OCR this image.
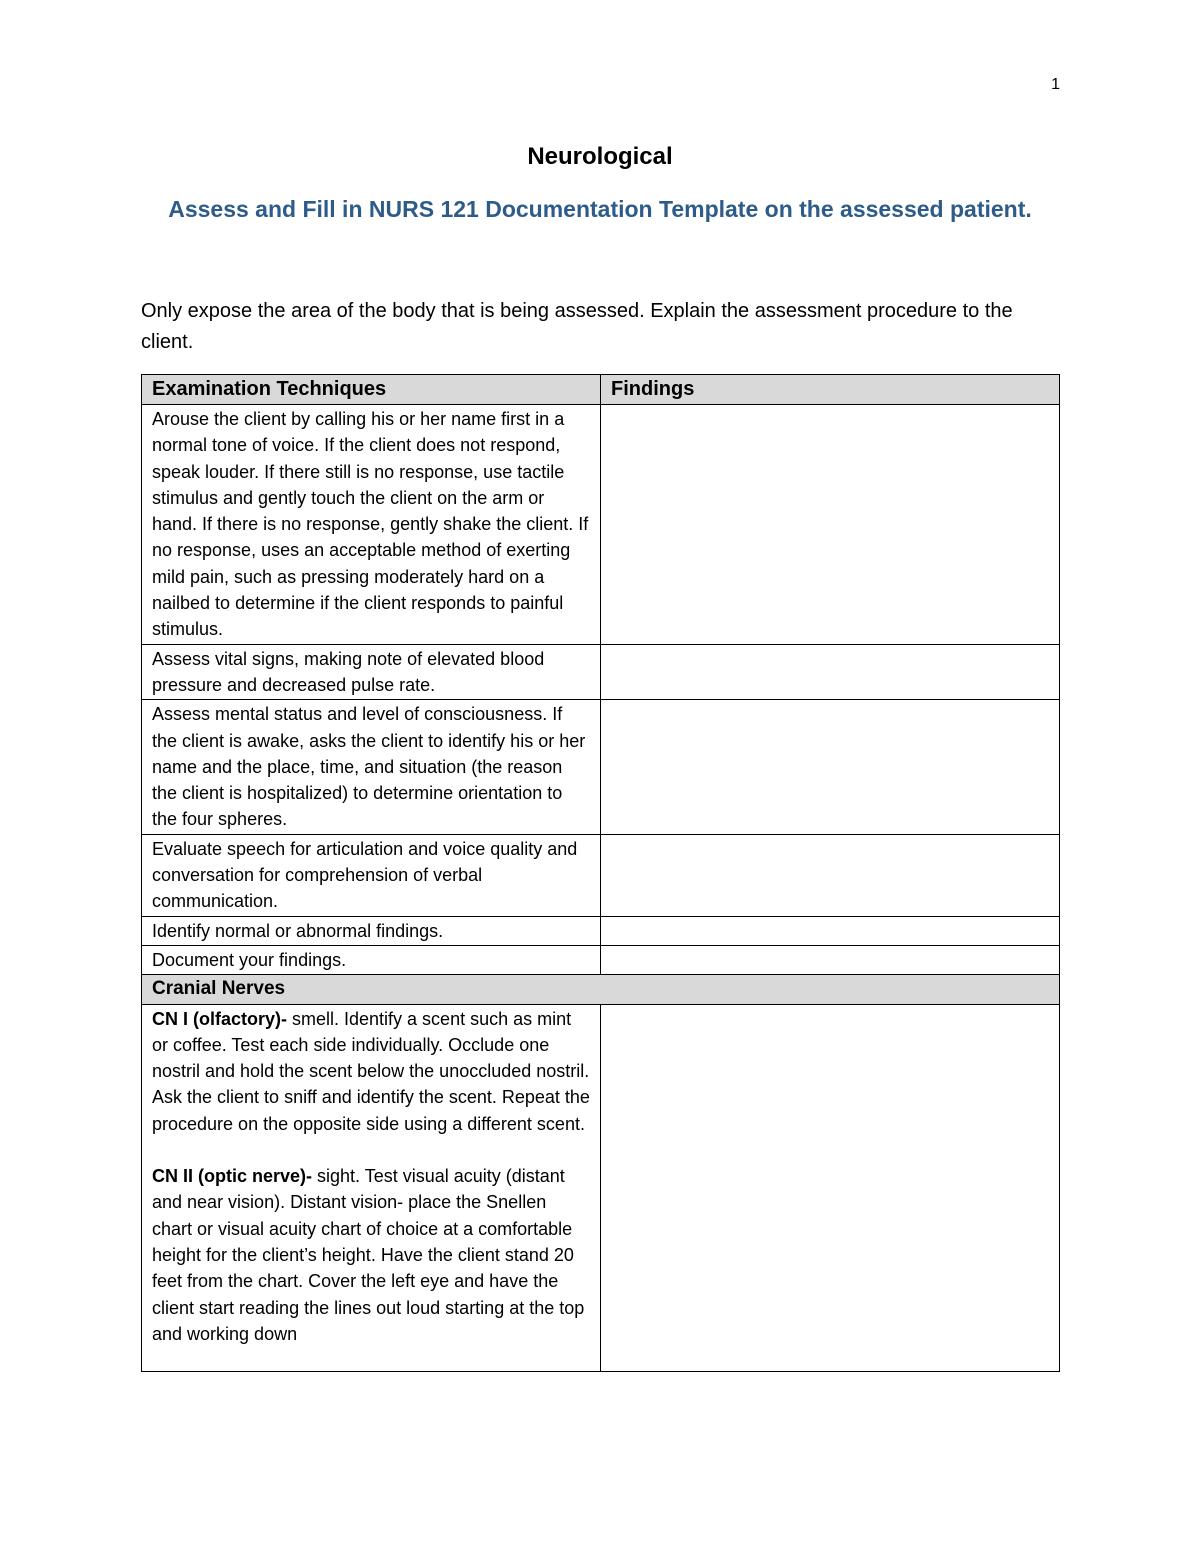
1
Neurological
Assess and Fill in NURS 121 Documentation Template on the assessed patient.
Only expose the area of the body that is being assessed. Explain the assessment procedure to the client.
Examination Techniques	Findings
Arouse the client by calling his or her name first in a normal tone of voice. If the client does not respond, speak louder. If there still is no response, use tactile stimulus and gently touch the client on the arm or hand. If there is no response, gently shake the client. If no response, uses an acceptable method of exerting mild pain, such as pressing moderately hard on a nailbed to determine if the client responds to painful stimulus.	
Assess vital signs, making note of elevated blood pressure and decreased pulse rate.	
Assess mental status and level of consciousness. If the client is awake, asks the client to identify his or her name and the place, time, and situation (the reason the client is hospitalized) to determine orientation to the four spheres.	
Evaluate speech for articulation and voice quality and conversation for comprehension of verbal communication.	
Identify normal or abnormal findings.	
Document your findings.	
Cranial Nerves	
CN I (olfactory)- smell. Identify a scent such as mint or coffee. Test each side individually. Occlude one nostril and hold the scent below the unoccluded nostril. Ask the client to sniff and identify the scent. Repeat the procedure on the opposite side using a different scent.
CN II (optic nerve)- sight. Test visual acuity (distant and near vision). Distant vision- place the Snellen chart or visual acuity chart of choice at a comfortable height for the client’s height. Have the client stand 20 feet from the chart. Cover the left eye and have the client start reading the lines out loud starting at the top and working down	
